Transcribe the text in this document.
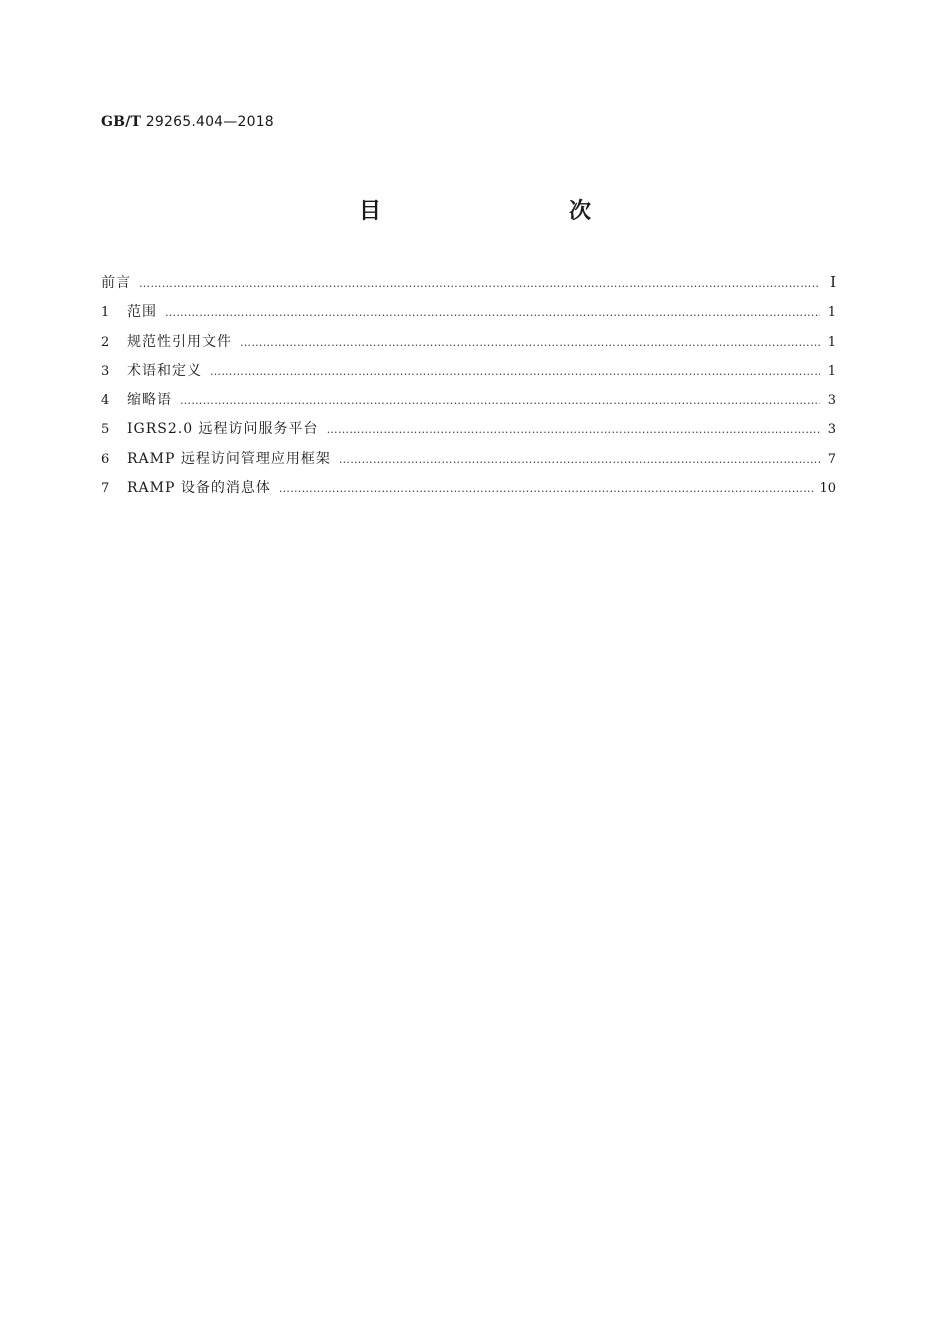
GB/T 29265.404—2018
目　　次
前言 ……………………………………………………………………………………………………………………………………………………………………………………………………	Ⅰ
1	范围 ……………………………………………………………………………………………………………………………………………………………………………………………………	1
2	规范性引用文件 ……………………………………………………………………………………………………………………………………………………………………………………………………	1
3	术语和定义 ……………………………………………………………………………………………………………………………………………………………………………………………………	1
4	缩略语 ……………………………………………………………………………………………………………………………………………………………………………………………………	3
5	IGRS2.0 远程访问服务平台 ……………………………………………………………………………………………………………………………………………………………………………………………………	3
6	RAMP 远程访问管理应用框架 ……………………………………………………………………………………………………………………………………………………………………………………………………	7
7	RAMP 设备的消息体 ……………………………………………………………………………………………………………………………………………………………………………………………………	10
